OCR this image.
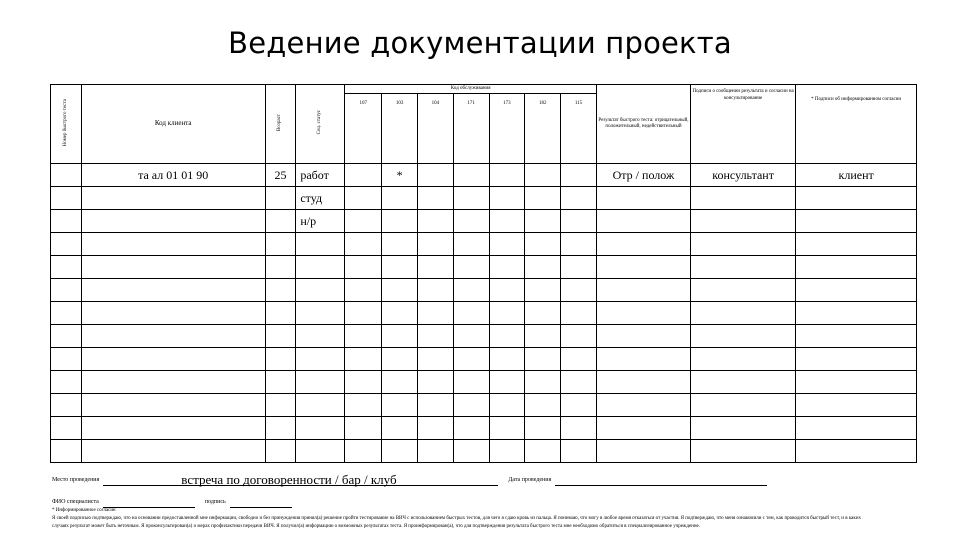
Ведение документации проекта
Номер быстрого теста	Код клиента	Возраст	Соц. статус	Код обслуживания							Результат быстрого теста: отрицательный, положительный, недействительный	Подписи о сообщении результата и согласии на консультирование	* Подписи об информированном согласии
				107	103	104	171	173	182	115			
	та ал 01 01 90	25	работ		*						Отр / полож	консультант	клиент
			студ										
			н/р										

Место проведения	встреча по договоренности / бар / клуб	Дата проведения
ФИО специалиста	подпись
* Информированное согласие:
Я своей подписью подтверждаю, что на основании предоставленной мне информации, свободно и без принуждения принял(а) решение пройти тестирование на ВИЧ с использованием быстрых тестов, для чего я сдаю кровь из пальца. Я понимаю, что могу в любое время отказаться от участия. Я подтверждаю, что меня ознакомили с тем, как проводится быстрый тест, и в каких случаях результат может быть неточным. Я проконсультирован(а) о мерах профилактики передачи ВИЧ. Я получил(а) информацию о возможных результатах теста. Я проинформирован(а), что для подтверждения результата быстрого теста мне необходимо обратиться в специализированное учреждение.
